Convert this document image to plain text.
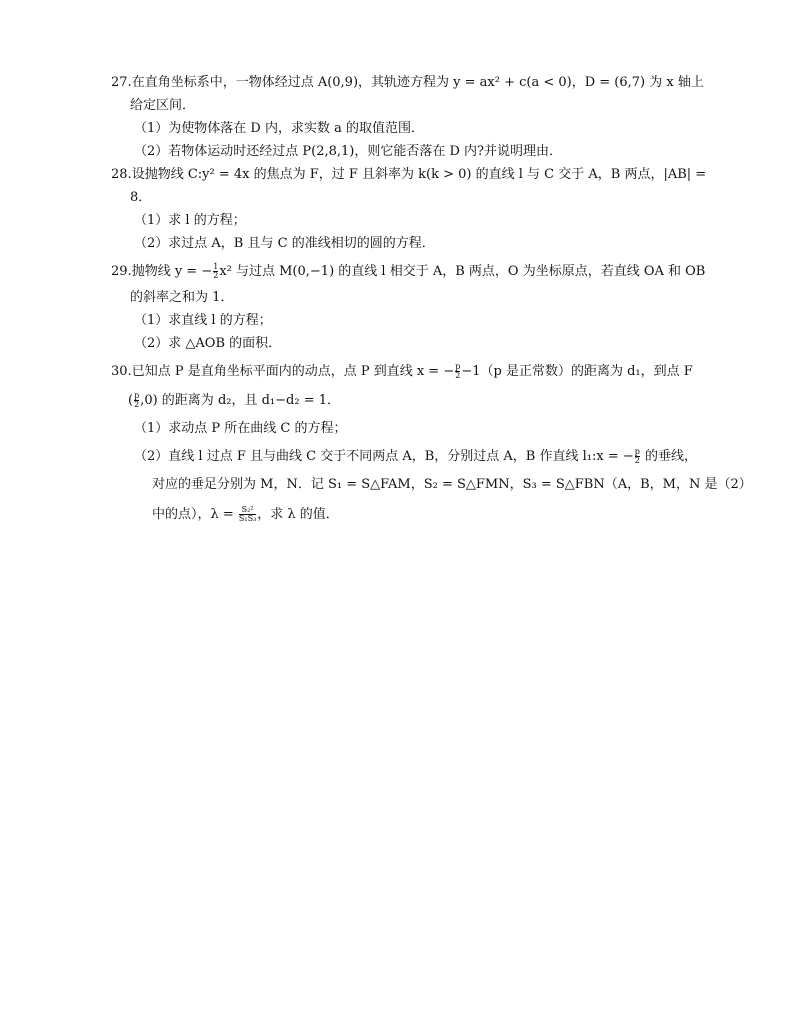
27.在直角坐标系中，一物体经过点 A(0,9)，其轨迹方程为 y = ax² + c(a < 0)，D = (6,7) 为 x 轴上
给定区间．
（1）为使物体落在 D 内，求实数 a 的取值范围．
（2）若物体运动时还经过点 P(2,8,1)，则它能否落在 D 内?并说明理由．
28.设抛物线 C:y² = 4x 的焦点为 F，过 F 且斜率为 k(k > 0) 的直线 l 与 C 交于 A，B 两点，|AB| =
8．
（1）求 l 的方程；
（2）求过点 A，B 且与 C 的准线相切的圆的方程．
29.抛物线 y = − $\frac{1}{2} x^2$ 与过点 M(0,−1) 的直线 l 相交于 A，B 两点，O 为坐标原点，若直线 OA 和 OB
的斜率之和为 1．
（1）求直线 l 的方程；
（2）求 △AOB 的面积．
30.已知点 P 是直角坐标平面内的动点，点 P 到直线 x = − $\frac{p}{2} -1(p$ 是正常数）的距离为 d₁，到点 F
( $\frac{p}{2} ,0$) 的距离为 d₂，且 d₁−d₂ = 1．
（1）求动点 P 所在曲线 C 的方程；
（2）直线 l 过点 F 且与曲线 C 交于不同两点 A，B，分别过点 A，B 作直线 l₁:x = − $\frac{p}{2}$ 的垂线，
对应的垂足分别为 M，N．记 S₁ = S△FAM，S₂ = S△FMN，S₃ = S△FBN（A，B，M，N 是（2）
中的点），$\lambda = \frac{\text{S₂²}}{\text{S₁S₃}}$ ，求 λ 的值．
